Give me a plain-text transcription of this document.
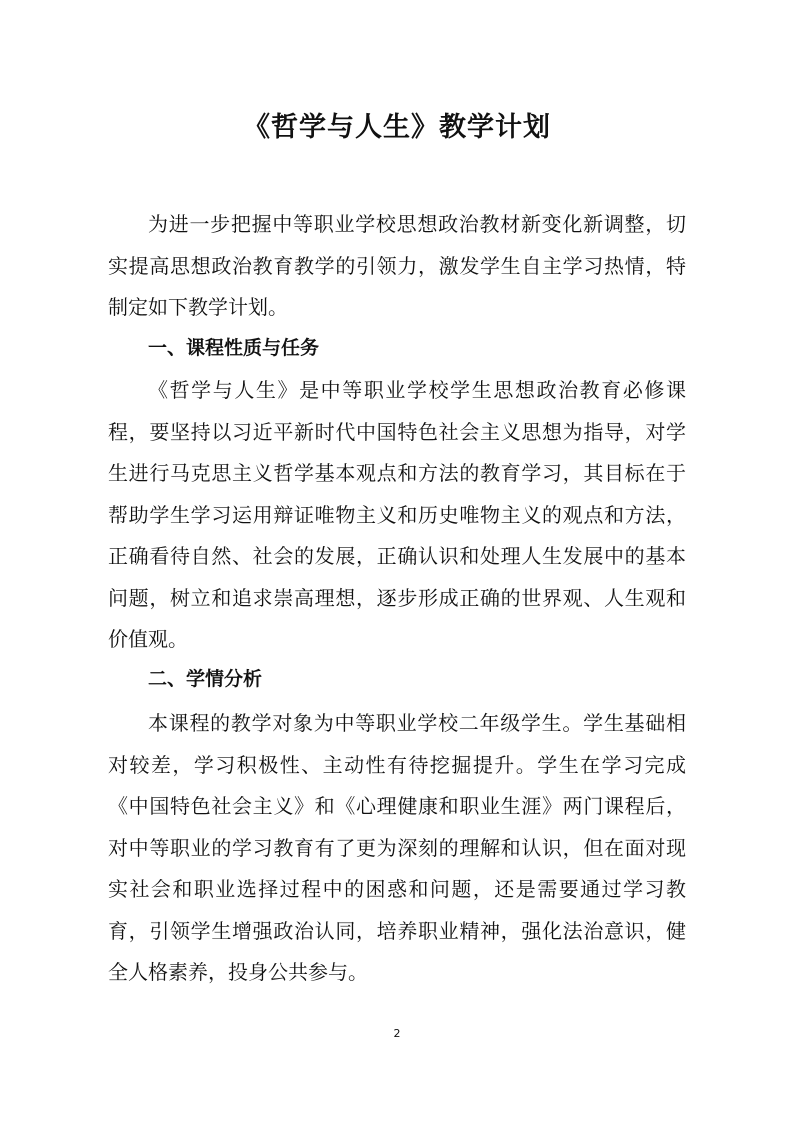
《哲学与人生》教学计划

为进一步把握中等职业学校思想政治教材新变化新调整，切实提高思想政治教育教学的引领力，激发学生自主学习热情，特制定如下教学计划。

一、课程性质与任务

《哲学与人生》是中等职业学校学生思想政治教育必修课程，要坚持以习近平新时代中国特色社会主义思想为指导，对学生进行马克思主义哲学基本观点和方法的教育学习，其目标在于帮助学生学习运用辩证唯物主义和历史唯物主义的观点和方法，正确看待自然、社会的发展，正确认识和处理人生发展中的基本问题，树立和追求崇高理想，逐步形成正确的世界观、人生观和价值观。

二、学情分析

本课程的教学对象为中等职业学校二年级学生。学生基础相对较差，学习积极性、主动性有待挖掘提升。学生在学习完成《中国特色社会主义》和《心理健康和职业生涯》两门课程后，对中等职业的学习教育有了更为深刻的理解和认识，但在面对现实社会和职业选择过程中的困惑和问题，还是需要通过学习教育，引领学生增强政治认同，培养职业精神，强化法治意识，健全人格素养，投身公共参与。

2
